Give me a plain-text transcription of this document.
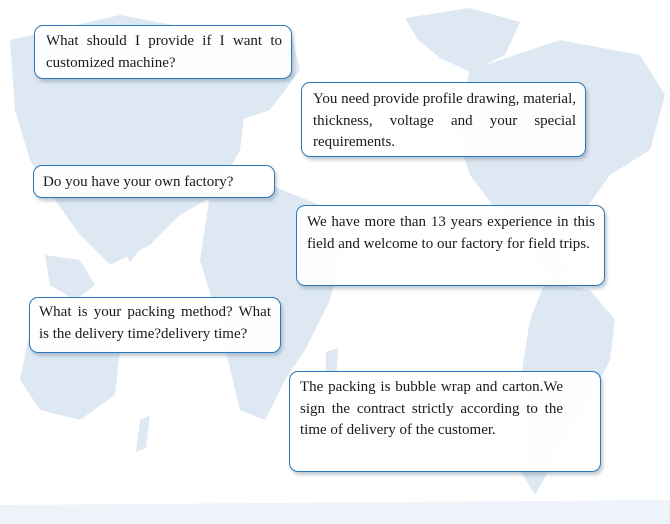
What should I provide if I want to customized machine?
You need provide profile drawing, material, thickness, voltage and your special requirements.
Do you have your own factory?
We have more than 13 years experience in this field and welcome to our factory for field trips.
What is your packing method? What is the delivery time?delivery time?
The packing is bubble wrap and carton.We sign the contract strictly according to the time of delivery of the customer.
